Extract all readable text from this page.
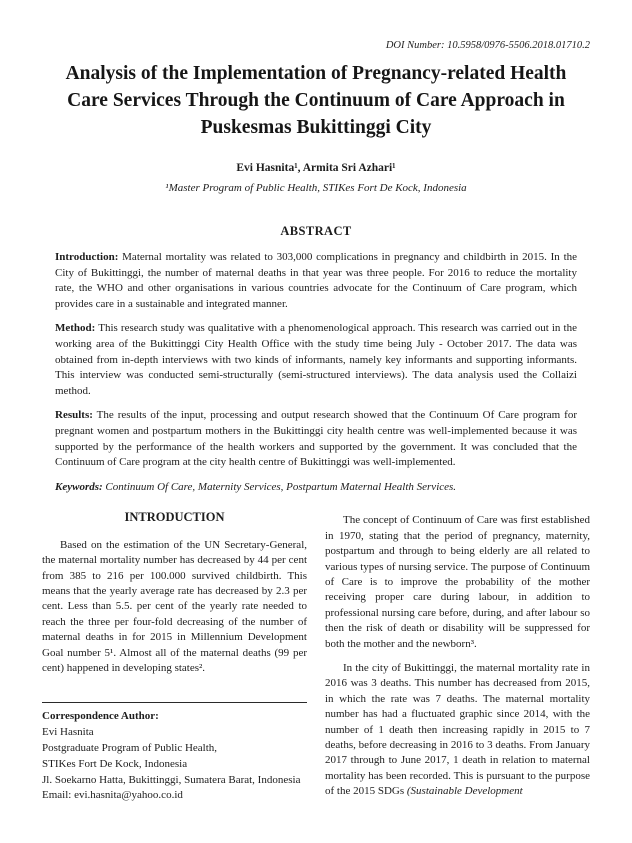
DOI Number: 10.5958/0976-5506.2018.01710.2
Analysis of the Implementation of Pregnancy-related Health Care Services Through the Continuum of Care Approach in Puskesmas Bukittinggi City
Evi Hasnita¹, Armita Sri Azhari¹
¹Master Program of Public Health, STIKes Fort De Kock, Indonesia
ABSTRACT

Introduction: Maternal mortality was related to 303,000 complications in pregnancy and childbirth in 2015. In the City of Bukittinggi, the number of maternal deaths in that year was three people. For 2016 to reduce the mortality rate, the WHO and other organisations in various countries advocate for the Continuum of Care program, which provides care in a sustainable and integrated manner.

Method: This research study was qualitative with a phenomenological approach. This research was carried out in the working area of the Bukittinggi City Health Office with the study time being July - October 2017. The data was obtained from in-depth interviews with two kinds of informants, namely key informants and supporting informants. This interview was conducted semi-structurally (semi-structured interviews). The data analysis used the Collaizi method.

Results: The results of the input, processing and output research showed that the Continuum Of Care program for pregnant women and postpartum mothers in the Bukittinggi city health centre was well-implemented because it was supported by the performance of the health workers and supported by the government. It was concluded that the Continuum of Care program at the city health centre of Bukittinggi was well-implemented.

Keywords: Continuum Of Care, Maternity Services, Postpartum Maternal Health Services.

INTRODUCTION

Based on the estimation of the UN Secretary-General, the maternal mortality number has decreased by 44 per cent from 385 to 216 per 100.000 survived childbirth. This means that the yearly average rate has decreased by 2.3 per cent. Less than 5.5. per cent of the yearly rate needed to reach the three per four-fold decreasing of the number of maternal deaths in for 2015 in Millennium Development Goal number 5¹. Almost all of the maternal deaths (99 per cent) happened in developing states².

Correspondence Author:
Evi Hasnita
Postgraduate Program of Public Health,
STIKes Fort De Kock, Indonesia
Jl. Soekarno Hatta, Bukittinggi, Sumatera Barat, Indonesia
Email: evi.hasnita@yahoo.co.id

The concept of Continuum of Care was first established in 1970, stating that the period of pregnancy, maternity, postpartum and through to being elderly are all related to various types of nursing service. The purpose of Continuum of Care is to improve the probability of the mother receiving proper care during labour, in addition to professional nursing care before, during, and after labour so then the risk of death or disability will be suppressed for both the mother and the newborn³.

In the city of Bukittinggi, the maternal mortality rate in 2016 was 3 deaths. This number has decreased from 2015, in which the rate was 7 deaths. The maternal mortality number has had a fluctuated graphic since 2014, with the number of 1 death then increasing rapidly in 2015 to 7 deaths, before decreasing in 2016 to 3 deaths. From January 2017 through to June 2017, 1 death in relation to maternal mortality has been recorded. This is pursuant to the purpose of the 2015 SDGs (Sustainable Development
